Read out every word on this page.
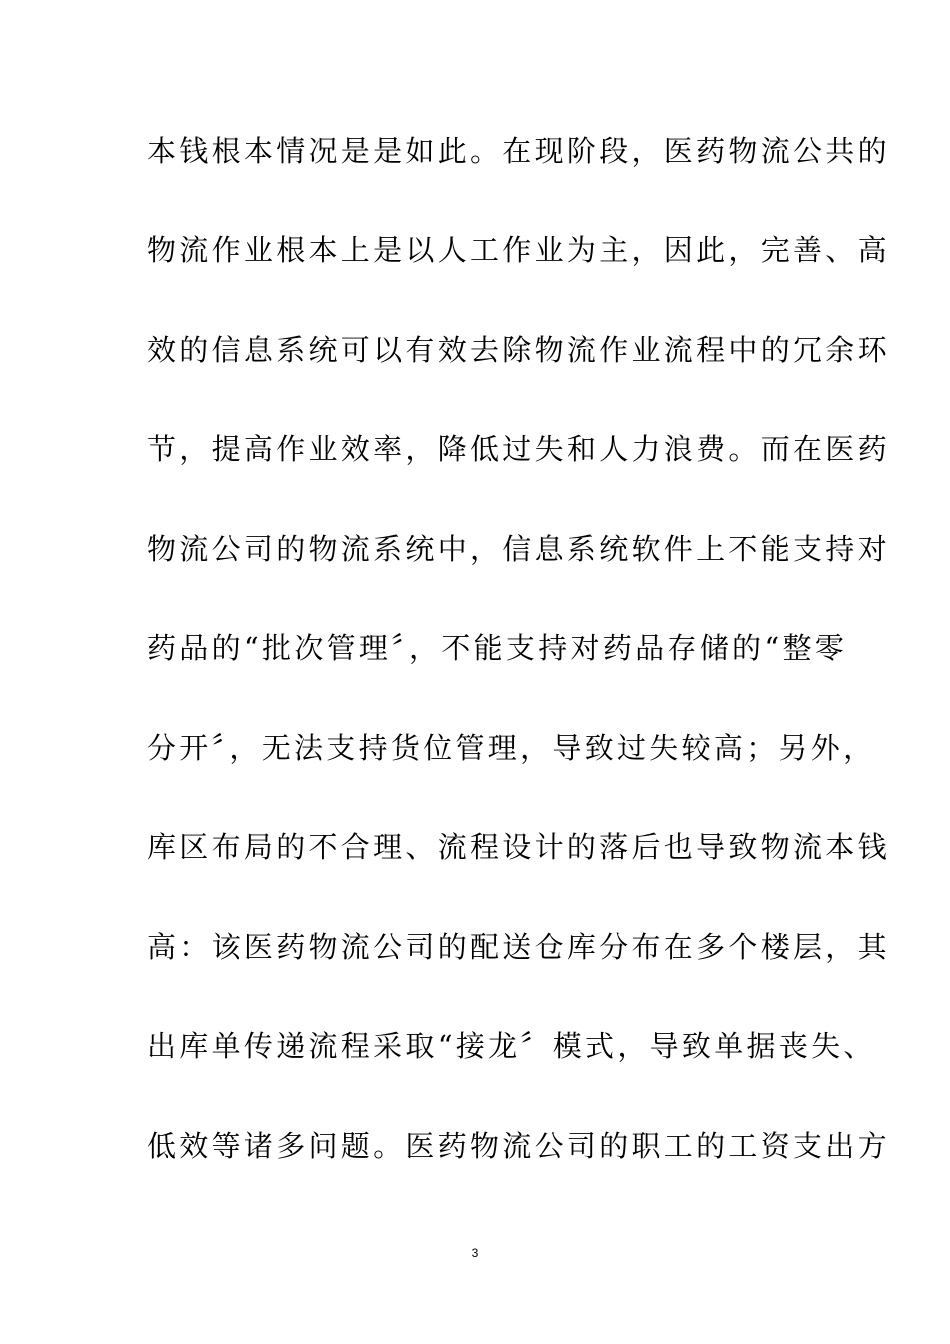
本钱根本情况是是如此。在现阶段，医药物流公共的
物流作业根本上是以人工作业为主，因此，完善、高
效的信息系统可以有效去除物流作业流程中的冗余环
节，提高作业效率，降低过失和人力浪费。而在医药
物流公司的物流系统中，信息系统软件上不能支持对
药品的“批次管理〞，不能支持对药品存储的“整零
分开〞，无法支持货位管理，导致过失较高；另外，
库区布局的不合理、流程设计的落后也导致物流本钱
高：该医药物流公司的配送仓库分布在多个楼层，其
出库单传递流程采取“接龙〞模式，导致单据丧失、
低效等诸多问题。医药物流公司的职工的工资支出方
3
